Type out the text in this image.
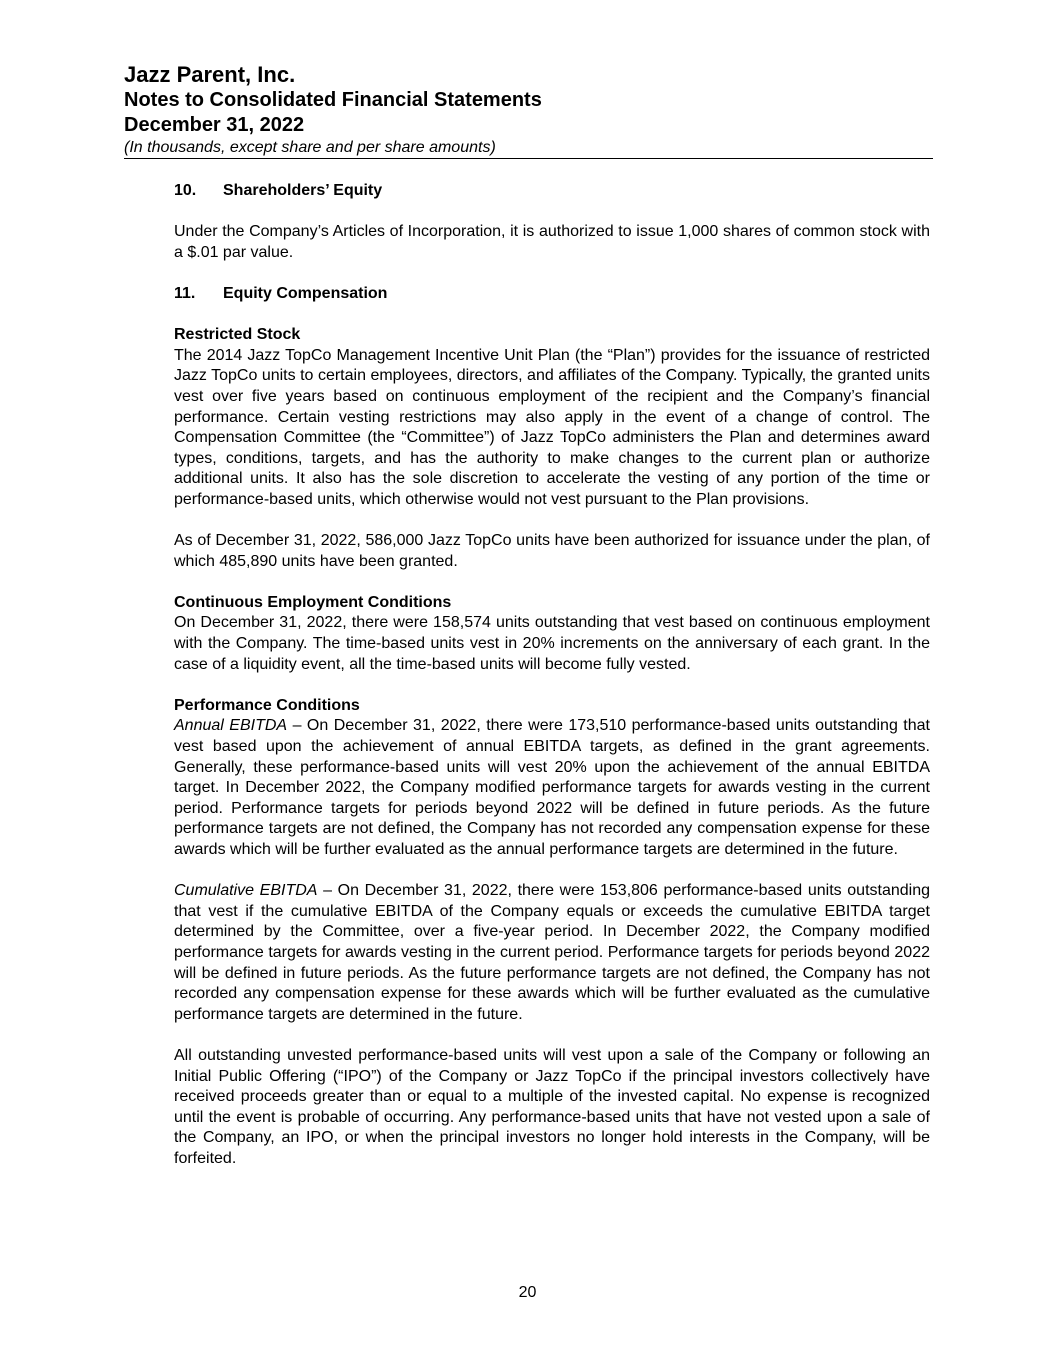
Jazz Parent, Inc.
Notes to Consolidated Financial Statements
December 31, 2022
(In thousands, except share and per share amounts)
10. Shareholders’ Equity

Under the Company’s Articles of Incorporation, it is authorized to issue 1,000 shares of common stock with a $.01 par value.

11. Equity Compensation

Restricted Stock
The 2014 Jazz TopCo Management Incentive Unit Plan (the “Plan”) provides for the issuance of restricted Jazz TopCo units to certain employees, directors, and affiliates of the Company. Typically, the granted units vest over five years based on continuous employment of the recipient and the Company’s financial performance. Certain vesting restrictions may also apply in the event of a change of control. The Compensation Committee (the “Committee”) of Jazz TopCo administers the Plan and determines award types, conditions, targets, and has the authority to make changes to the current plan or authorize additional units. It also has the sole discretion to accelerate the vesting of any portion of the time or performance-based units, which otherwise would not vest pursuant to the Plan provisions.

As of December 31, 2022, 586,000 Jazz TopCo units have been authorized for issuance under the plan, of which 485,890 units have been granted.

Continuous Employment Conditions
On December 31, 2022, there were 158,574 units outstanding that vest based on continuous employment with the Company. The time-based units vest in 20% increments on the anniversary of each grant. In the case of a liquidity event, all the time-based units will become fully vested.

Performance Conditions
Annual EBITDA – On December 31, 2022, there were 173,510 performance-based units outstanding that vest based upon the achievement of annual EBITDA targets, as defined in the grant agreements. Generally, these performance-based units will vest 20% upon the achievement of the annual EBITDA target. In December 2022, the Company modified performance targets for awards vesting in the current period. Performance targets for periods beyond 2022 will be defined in future periods. As the future performance targets are not defined, the Company has not recorded any compensation expense for these awards which will be further evaluated as the annual performance targets are determined in the future.

Cumulative EBITDA – On December 31, 2022, there were 153,806 performance-based units outstanding that vest if the cumulative EBITDA of the Company equals or exceeds the cumulative EBITDA target determined by the Committee, over a five-year period. In December 2022, the Company modified performance targets for awards vesting in the current period. Performance targets for periods beyond 2022 will be defined in future periods. As the future performance targets are not defined, the Company has not recorded any compensation expense for these awards which will be further evaluated as the cumulative performance targets are determined in the future.

All outstanding unvested performance-based units will vest upon a sale of the Company or following an Initial Public Offering (“IPO”) of the Company or Jazz TopCo if the principal investors collectively have received proceeds greater than or equal to a multiple of the invested capital. No expense is recognized until the event is probable of occurring. Any performance-based units that have not vested upon a sale of the Company, an IPO, or when the principal investors no longer hold interests in the Company, will be forfeited.

20
